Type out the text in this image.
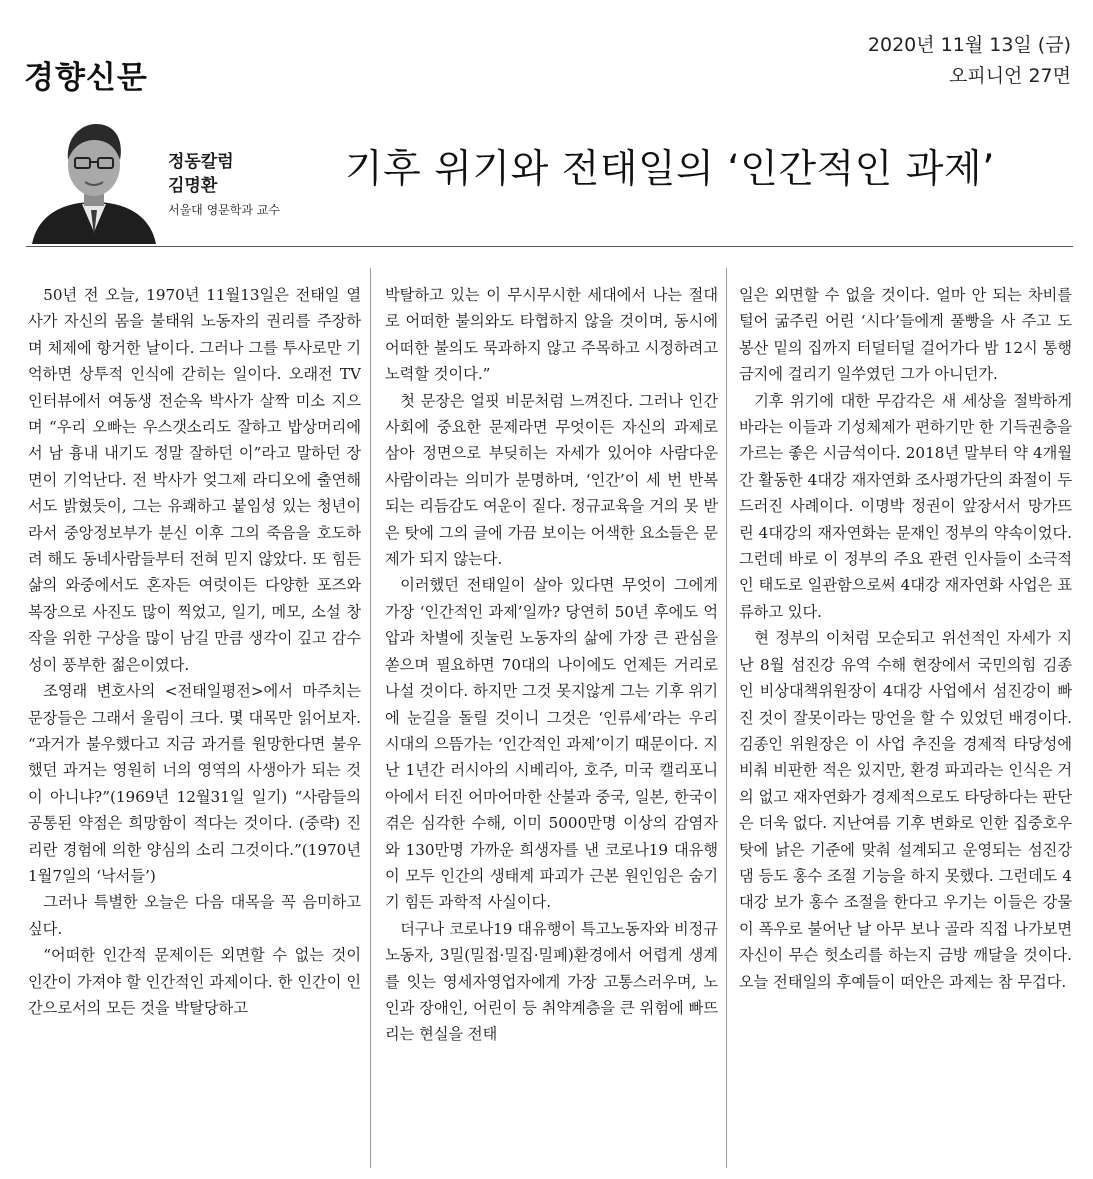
경향신문
2020년 11월 13일 (금)
오피니언 27면
정동칼럼
김명환
서울대 영문학과 교수
기후 위기와 전태일의 ‘인간적인 과제’

50년 전 오늘, 1970년 11월13일은 전태일 열사가 자신의 몸을 불태워 노동자의 권리를 주장하며 체제에 항거한 날이다. 그러나 그를 투사로만 기억하면 상투적 인식에 갇히는 일이다. 오래전 TV 인터뷰에서 여동생 전순옥 박사가 살짝 미소 지으며 “우리 오빠는 우스갯소리도 잘하고 밥상머리에서 남 흉내 내기도 정말 잘하던 이”라고 말하던 장면이 기억난다. 전 박사가 엊그제 라디오에 출연해서도 밝혔듯이, 그는 유쾌하고 붙임성 있는 청년이라서 중앙정보부가 분신 이후 그의 죽음을 호도하려 해도 동네사람들부터 전혀 믿지 않았다. 또 힘든 삶의 와중에서도 혼자든 여럿이든 다양한 포즈와 복장으로 사진도 많이 찍었고, 일기, 메모, 소설 창작을 위한 구상을 많이 남길 만큼 생각이 깊고 감수성이 풍부한 젊은이였다.

조영래 변호사의 <전태일평전>에서 마주치는 문장들은 그래서 울림이 크다. 몇 대목만 읽어보자. “과거가 불우했다고 지금 과거를 원망한다면 불우했던 과거는 영원히 너의 영역의 사생아가 되는 것이 아니냐?”(1969년 12월31일 일기) “사람들의 공통된 약점은 희망함이 적다는 것이다. (중략) 진리란 경험에 의한 양심의 소리 그것이다.”(1970년 1월7일의 ‘낙서들’)

그러나 특별한 오늘은 다음 대목을 꼭 음미하고 싶다.

“어떠한 인간적 문제이든 외면할 수 없는 것이 인간이 가져야 할 인간적인 과제이다. 한 인간이 인간으로서의 모든 것을 박탈당하고

박탈하고 있는 이 무시무시한 세대에서 나는 절대로 어떠한 불의와도 타협하지 않을 것이며, 동시에 어떠한 불의도 묵과하지 않고 주목하고 시정하려고 노력할 것이다.”

첫 문장은 얼핏 비문처럼 느껴진다. 그러나 인간 사회에 중요한 문제라면 무엇이든 자신의 과제로 삼아 정면으로 부딪히는 자세가 있어야 사람다운 사람이라는 의미가 분명하며, ‘인간’이 세 번 반복되는 리듬감도 여운이 짙다. 정규교육을 거의 못 받은 탓에 그의 글에 가끔 보이는 어색한 요소들은 문제가 되지 않는다.

이러했던 전태일이 살아 있다면 무엇이 그에게 가장 ‘인간적인 과제’일까? 당연히 50년 후에도 억압과 차별에 짓눌린 노동자의 삶에 가장 큰 관심을 쏟으며 필요하면 70대의 나이에도 언제든 거리로 나설 것이다. 하지만 그것 못지않게 그는 기후 위기에 눈길을 돌릴 것이니 그것은 ‘인류세’라는 우리 시대의 으뜸가는 ‘인간적인 과제’이기 때문이다. 지난 1년간 러시아의 시베리아, 호주, 미국 캘리포니아에서 터진 어마어마한 산불과 중국, 일본, 한국이 겪은 심각한 수해, 이미 5000만명 이상의 감염자와 130만명 가까운 희생자를 낸 코로나19 대유행이 모두 인간의 생태계 파괴가 근본 원인임은 숨기기 힘든 과학적 사실이다.

더구나 코로나19 대유행이 특고노동자와 비정규노동자, 3밀(밀접·밀집·밀폐)환경에서 어렵게 생계를 잇는 영세자영업자에게 가장 고통스러우며, 노인과 장애인, 어린이 등 취약계층을 큰 위험에 빠뜨리는 현실을 전태

일은 외면할 수 없을 것이다. 얼마 안 되는 차비를 털어 굶주린 어린 ‘시다’들에게 풀빵을 사 주고 도봉산 밑의 집까지 터덜터덜 걸어가다 밤 12시 통행금지에 걸리기 일쑤였던 그가 아니던가.

기후 위기에 대한 무감각은 새 세상을 절박하게 바라는 이들과 기성체제가 편하기만 한 기득권층을 가르는 좋은 시금석이다. 2018년 말부터 약 4개월간 활동한 4대강 재자연화 조사평가단의 좌절이 두드러진 사례이다. 이명박 정권이 앞장서서 망가뜨린 4대강의 재자연화는 문재인 정부의 약속이었다. 그런데 바로 이 정부의 주요 관련 인사들이 소극적인 태도로 일관함으로써 4대강 재자연화 사업은 표류하고 있다.

현 정부의 이처럼 모순되고 위선적인 자세가 지난 8월 섬진강 유역 수해 현장에서 국민의힘 김종인 비상대책위원장이 4대강 사업에서 섬진강이 빠진 것이 잘못이라는 망언을 할 수 있었던 배경이다. 김종인 위원장은 이 사업 추진을 경제적 타당성에 비춰 비판한 적은 있지만, 환경 파괴라는 인식은 거의 없고 재자연화가 경제적으로도 타당하다는 판단은 더욱 없다. 지난여름 기후 변화로 인한 집중호우 탓에 낡은 기준에 맞춰 설계되고 운영되는 섬진강댐 등도 홍수 조절 기능을 하지 못했다. 그런데도 4대강 보가 홍수 조절을 한다고 우기는 이들은 강물이 폭우로 불어난 날 아무 보나 골라 직접 나가보면 자신이 무슨 헛소리를 하는지 금방 깨달을 것이다. 오늘 전태일의 후예들이 떠안은 과제는 참 무겁다.
